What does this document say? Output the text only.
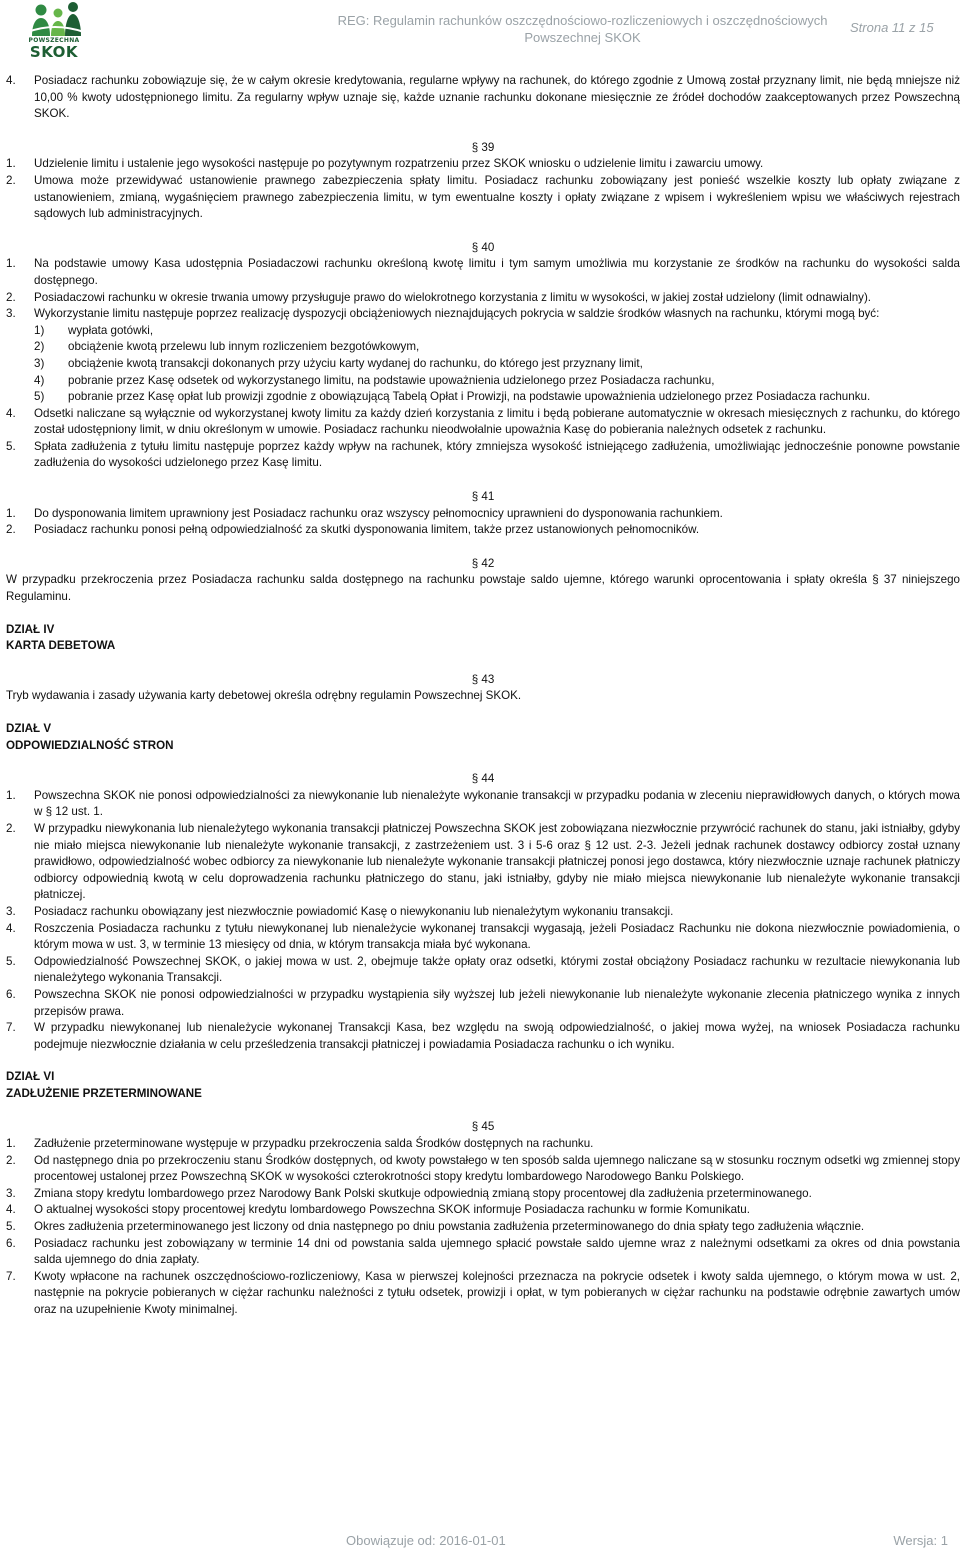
POWSZECHNA
SKOK
REG: Regulamin rachunków oszczędnościowo-rozliczeniowych i oszczędnościowych
Powszechnej SKOK
Strona 11 z 15
4.	Posiadacz rachunku zobowiązuje się, że w całym okresie kredytowania, regularne wpływy na rachunek, do którego zgodnie z Umową został przyznany limit, nie będą mniejsze niż 10,00 % kwoty udostępnionego limitu. Za regularny wpływ uznaje się, każde uznanie rachunku dokonane miesięcznie ze źródeł dochodów zaakceptowanych przez Powszechną SKOK.
§ 39
1.	Udzielenie limitu i ustalenie jego wysokości następuje po pozytywnym rozpatrzeniu przez SKOK wniosku o udzielenie limitu i zawarciu umowy.
2.	Umowa może przewidywać ustanowienie prawnego zabezpieczenia spłaty limitu. Posiadacz rachunku zobowiązany jest ponieść wszelkie koszty lub opłaty związane z ustanowieniem, zmianą, wygaśnięciem prawnego zabezpieczenia limitu, w tym ewentualne koszty i opłaty związane z wpisem i wykreśleniem wpisu we właściwych rejestrach sądowych lub administracyjnych.
§ 40
1.	Na podstawie umowy Kasa udostępnia Posiadaczowi rachunku określoną kwotę limitu i tym samym umożliwia mu korzystanie ze środków na rachunku do wysokości salda dostępnego.
2.	Posiadaczowi rachunku w okresie trwania umowy przysługuje prawo do wielokrotnego korzystania z limitu w wysokości, w jakiej został udzielony (limit odnawialny).
3.	Wykorzystanie limitu następuje poprzez realizację dyspozycji obciążeniowych nieznajdujących pokrycia w saldzie środków własnych na rachunku, którymi mogą być:
1)	wypłata gotówki,
2)	obciążenie kwotą przelewu lub innym rozliczeniem bezgotówkowym,
3)	obciążenie kwotą transakcji dokonanych przy użyciu karty wydanej do rachunku, do którego jest przyznany limit,
4)	pobranie przez Kasę odsetek od wykorzystanego limitu, na podstawie upoważnienia udzielonego przez Posiadacza rachunku,
5)	pobranie przez Kasę opłat lub prowizji zgodnie z obowiązującą Tabelą Opłat i Prowizji, na podstawie upoważnienia udzielonego przez Posiadacza rachunku.
4.	Odsetki naliczane są wyłącznie od wykorzystanej kwoty limitu za każdy dzień korzystania z limitu i będą pobierane automatycznie w okresach miesięcznych z rachunku, do którego został udostępniony limit, w dniu określonym w umowie. Posiadacz rachunku nieodwołalnie upoważnia Kasę do pobierania należnych odsetek z rachunku.
5.	Spłata zadłużenia z tytułu limitu następuje poprzez każdy wpływ na rachunek, który zmniejsza wysokość istniejącego zadłużenia, umożliwiając jednocześnie ponowne powstanie zadłużenia do wysokości udzielonego przez Kasę limitu.
§ 41
1.	Do dysponowania limitem uprawniony jest Posiadacz rachunku oraz wszyscy pełnomocnicy uprawnieni do dysponowania rachunkiem.
2.	Posiadacz rachunku ponosi pełną odpowiedzialność za skutki dysponowania limitem, także przez ustanowionych pełnomocników.
§ 42

W przypadku przekroczenia przez Posiadacza rachunku salda dostępnego na rachunku powstaje saldo ujemne, którego warunki oprocentowania i spłaty określa § 37 niniejszego Regulaminu.

DZIAŁ IV
KARTA DEBETOWA
§ 43

Tryb wydawania i zasady używania karty debetowej określa odrębny regulamin Powszechnej SKOK.

DZIAŁ V
ODPOWIEDZIALNOŚĆ STRON
§ 44
1.	Powszechna SKOK nie ponosi odpowiedzialności za niewykonanie lub nienależyte wykonanie transakcji w przypadku podania w zleceniu nieprawidłowych danych, o których mowa w § 12 ust. 1.
2.	W przypadku niewykonania lub nienależytego wykonania transakcji płatniczej Powszechna SKOK jest zobowiązana niezwłocznie przywrócić rachunek do stanu, jaki istniałby, gdyby nie miało miejsca niewykonanie lub nienależyte wykonanie transakcji, z zastrzeżeniem ust. 3 i 5-6 oraz § 12 ust. 2-3. Jeżeli jednak rachunek dostawcy odbiorcy został uznany prawidłowo, odpowiedzialność wobec odbiorcy za niewykonanie lub nienależyte wykonanie transakcji płatniczej ponosi jego dostawca, który niezwłocznie uznaje rachunek płatniczy odbiorcy odpowiednią kwotą w celu doprowadzenia rachunku płatniczego do stanu, jaki istniałby, gdyby nie miało miejsca niewykonanie lub nienależyte wykonanie transakcji płatniczej.
3.	Posiadacz rachunku obowiązany jest niezwłocznie powiadomić Kasę o niewykonaniu lub nienależytym wykonaniu transakcji.
4.	Roszczenia Posiadacza rachunku z tytułu niewykonanej lub nienależycie wykonanej transakcji wygasają, jeżeli Posiadacz Rachunku nie dokona niezwłocznie powiadomienia, o którym mowa w ust. 3, w terminie 13 miesięcy od dnia, w którym transakcja miała być wykonana.
5.	Odpowiedzialność Powszechnej SKOK, o jakiej mowa w ust. 2, obejmuje także opłaty oraz odsetki, którymi został obciążony Posiadacz rachunku w rezultacie niewykonania lub nienależytego wykonania Transakcji.
6.	Powszechna SKOK nie ponosi odpowiedzialności w przypadku wystąpienia siły wyższej lub jeżeli niewykonanie lub nienależyte wykonanie zlecenia płatniczego wynika z innych przepisów prawa.
7.	W przypadku niewykonanej lub nienależycie wykonanej Transakcji Kasa, bez względu na swoją odpowiedzialność, o jakiej mowa wyżej, na wniosek Posiadacza rachunku podejmuje niezwłocznie działania w celu prześledzenia transakcji płatniczej i powiadamia Posiadacza rachunku o ich wyniku.
DZIAŁ VI
ZADŁUŻENIE PRZETERMINOWANE
§ 45
1.	Zadłużenie przeterminowane występuje w przypadku przekroczenia salda Środków dostępnych na rachunku.
2.	Od następnego dnia po przekroczeniu stanu Środków dostępnych, od kwoty powstałego w ten sposób salda ujemnego naliczane są w stosunku rocznym odsetki wg zmiennej stopy procentowej ustalonej przez Powszechną SKOK w wysokości czterokrotności stopy kredytu lombardowego Narodowego Banku Polskiego.
3.	Zmiana stopy kredytu lombardowego przez Narodowy Bank Polski skutkuje odpowiednią zmianą stopy procentowej dla zadłużenia przeterminowanego.
4.	O aktualnej wysokości stopy procentowej kredytu lombardowego Powszechna SKOK informuje Posiadacza rachunku w formie Komunikatu.
5.	Okres zadłużenia przeterminowanego jest liczony od dnia następnego po dniu powstania zadłużenia przeterminowanego do dnia spłaty tego zadłużenia włącznie.
6.	Posiadacz rachunku jest zobowiązany w terminie 14 dni od powstania salda ujemnego spłacić powstałe saldo ujemne wraz z należnymi odsetkami za okres od dnia powstania salda ujemnego do dnia zapłaty.
7.	Kwoty wpłacone na rachunek oszczędnościowo-rozliczeniowy, Kasa w pierwszej kolejności przeznacza na pokrycie odsetek i kwoty salda ujemnego, o którym mowa w ust. 2, następnie na pokrycie pobieranych w ciężar rachunku należności z tytułu odsetek, prowizji i opłat, w tym pobieranych w ciężar rachunku na podstawie odrębnie zawartych umów oraz na uzupełnienie Kwoty minimalnej.
Obowiązuje od: 2016-01-01	Wersja: 1
